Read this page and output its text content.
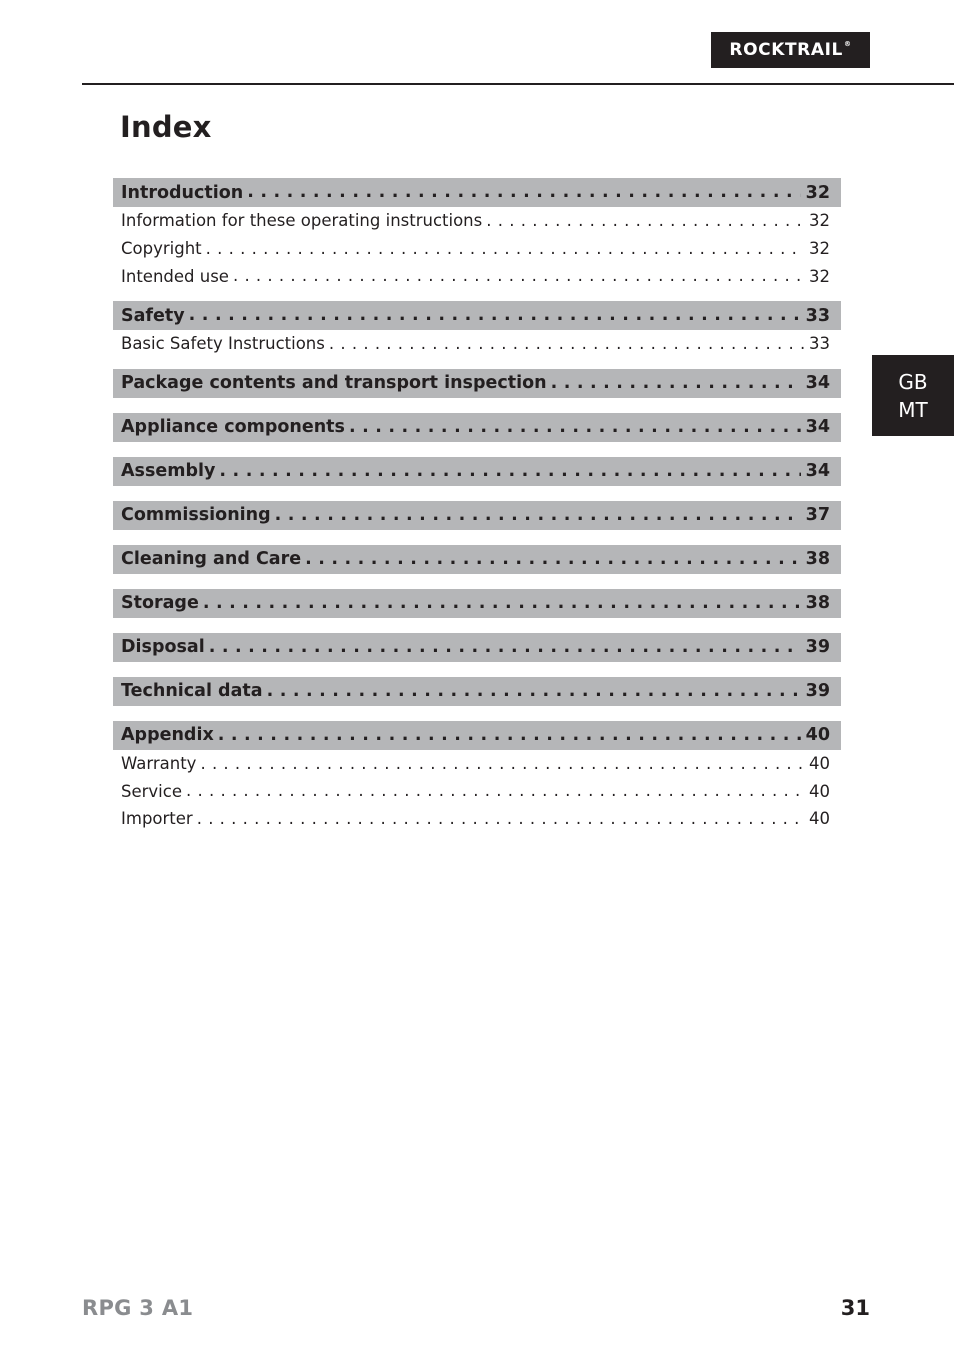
ROCKTRAIL®
Index
Introduction . . .	32
Information for these operating instructions . . .	32
Copyright . . .	32
Intended use . . .	32
Safety . . .	33
Basic Safety Instructions . . .	33
Package contents and transport inspection . . .	34
Appliance components . . .	34
Assembly . . .	34
Commissioning . . .	37
Cleaning and Care . . .	38
Storage . . .	38
Disposal . . .	39
Technical data . . .	39
Appendix . . .	40
Warranty . . .	40
Service . . .	40
Importer . . .	40
GB
MT
RPG 3 A1	31
